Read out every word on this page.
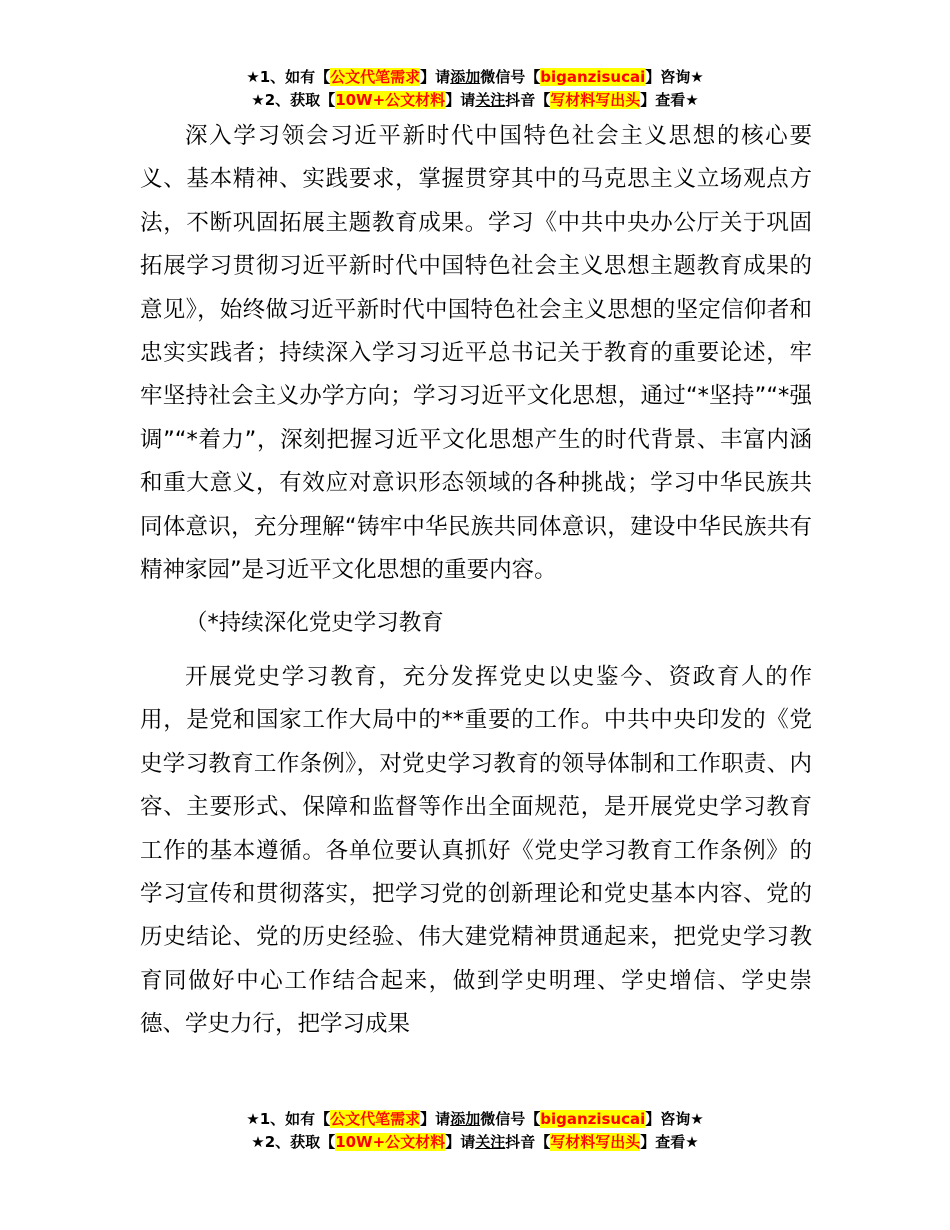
★1、如有【公文代笔需求】请添加微信号【biganzisucai】咨询★
★2、获取【10W+公文材料】请关注抖音【写材料写出头】查看★

深入学习领会习近平新时代中国特色社会主义思想的核心要义、基本精神、实践要求，掌握贯穿其中的马克思主义立场观点方法，不断巩固拓展主题教育成果。学习《中共中央办公厅关于巩固拓展学习贯彻习近平新时代中国特色社会主义思想主题教育成果的意见》，始终做习近平新时代中国特色社会主义思想的坚定信仰者和忠实实践者；持续深入学习习近平总书记关于教育的重要论述，牢牢坚持社会主义办学方向；学习习近平文化思想，通过“*坚持”“*强调”“*着力”，深刻把握习近平文化思想产生的时代背景、丰富内涵和重大意义，有效应对意识形态领域的各种挑战；学习中华民族共同体意识，充分理解“铸牢中华民族共同体意识，建设中华民族共有精神家园”是习近平文化思想的重要内容。

（*持续深化党史学习教育

开展党史学习教育，充分发挥党史以史鉴今、资政育人的作用，是党和国家工作大局中的**重要的工作。中共中央印发的《党史学习教育工作条例》，对党史学习教育的领导体制和工作职责、内容、主要形式、保障和监督等作出全面规范，是开展党史学习教育工作的基本遵循。各单位要认真抓好《党史学习教育工作条例》的学习宣传和贯彻落实，把学习党的创新理论和党史基本内容、党的历史结论、党的历史经验、伟大建党精神贯通起来，把党史学习教育同做好中心工作结合起来，做到学史明理、学史增信、学史崇德、学史力行，把学习成果

★1、如有【公文代笔需求】请添加微信号【biganzisucai】咨询★
★2、获取【10W+公文材料】请关注抖音【写材料写出头】查看★
